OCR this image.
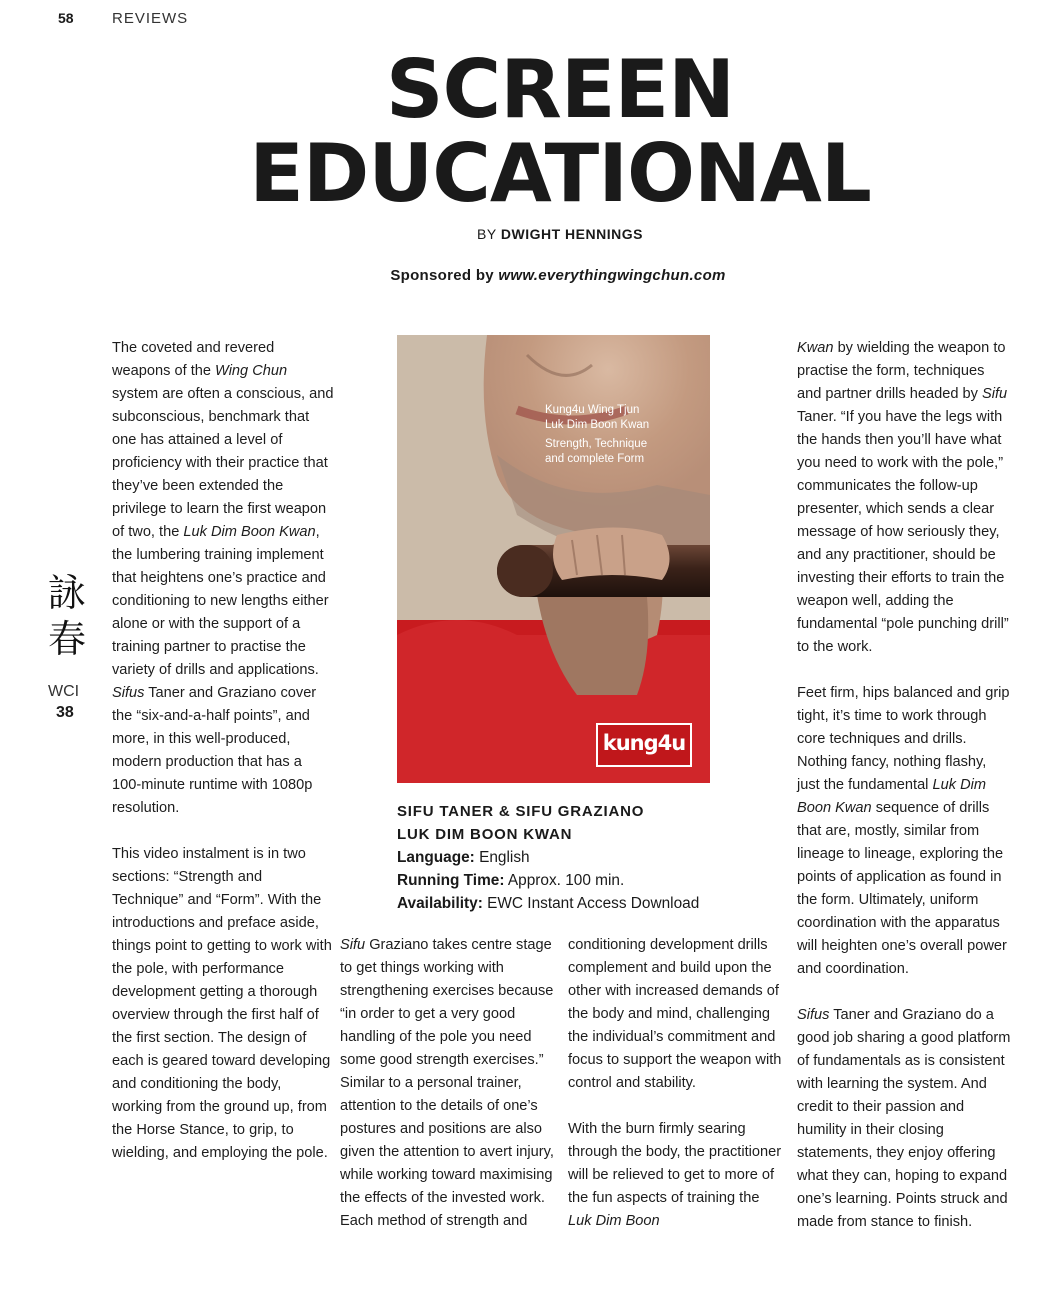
58	REVIEWS
SCREEN
EDUCATIONAL
BY DWIGHT HENNINGS
Sponsored by www.everythingwingchun.com
詠
春
WCI
38

The coveted and revered weapons of the Wing Chun system are often a conscious, and subconscious, benchmark that one has attained a level of proficiency with their practice that they’ve been extended the privilege to learn the first weapon of two, the Luk Dim Boon Kwan, the lumbering training implement that heightens one’s practice and conditioning to new lengths either alone or with the support of a training partner to practise the variety of drills and applications. Sifus Taner and Graziano cover the “six-and-a-half points”, and more, in this well-produced, modern production that has a 100-minute runtime with 1080p resolution.

This video instalment is in two sections: “Strength and Technique” and “Form”. With the introductions and preface aside, things point to getting to work with the pole, with performance development getting a thorough overview through the first half of the first section. The design of each is geared toward developing and conditioning the body, working from the ground up, from the Horse Stance, to grip, to wielding, and employing the pole.

Kung4u Wing Tjun
Luk Dim Boon Kwan
Strength, Technique
and complete Form
kung4u
SIFU TANER & SIFU GRAZIANO
LUK DIM BOON KWAN
Language: English
Running Time: Approx. 100 min.
Availability: EWC Instant Access Download

Sifu Graziano takes centre stage to get things working with strengthening exercises because “in order to get a very good handling of the pole you need some good strength exercises.” Similar to a personal trainer, attention to the details of one’s postures and positions are also given the attention to avert injury, while working toward maximising the effects of the invested work. Each method of strength and

conditioning development drills complement and build upon the other with increased demands of the body and mind, challenging the individual’s commitment and focus to support the weapon with control and stability.

With the burn firmly searing through the body, the practitioner will be relieved to get to more of the fun aspects of training the Luk Dim Boon

Kwan by wielding the weapon to practise the form, techniques and partner drills headed by Sifu Taner. “If you have the legs with the hands then you’ll have what you need to work with the pole,” communicates the follow-up presenter, which sends a clear message of how seriously they, and any practitioner, should be investing their efforts to train the weapon well, adding the fundamental “pole punching drill” to the work.

Feet firm, hips balanced and grip tight, it’s time to work through core techniques and drills. Nothing fancy, nothing flashy, just the fundamental Luk Dim Boon Kwan sequence of drills that are, mostly, similar from lineage to lineage, exploring the points of application as found in the form. Ultimately, uniform coordination with the apparatus will heighten one’s overall power and coordination.

Sifus Taner and Graziano do a good job sharing a good platform of fundamentals as is consistent with learning the system. And credit to their passion and humility in their closing statements, they enjoy offering what they can, hoping to expand one’s learning. Points struck and made from stance to finish.
